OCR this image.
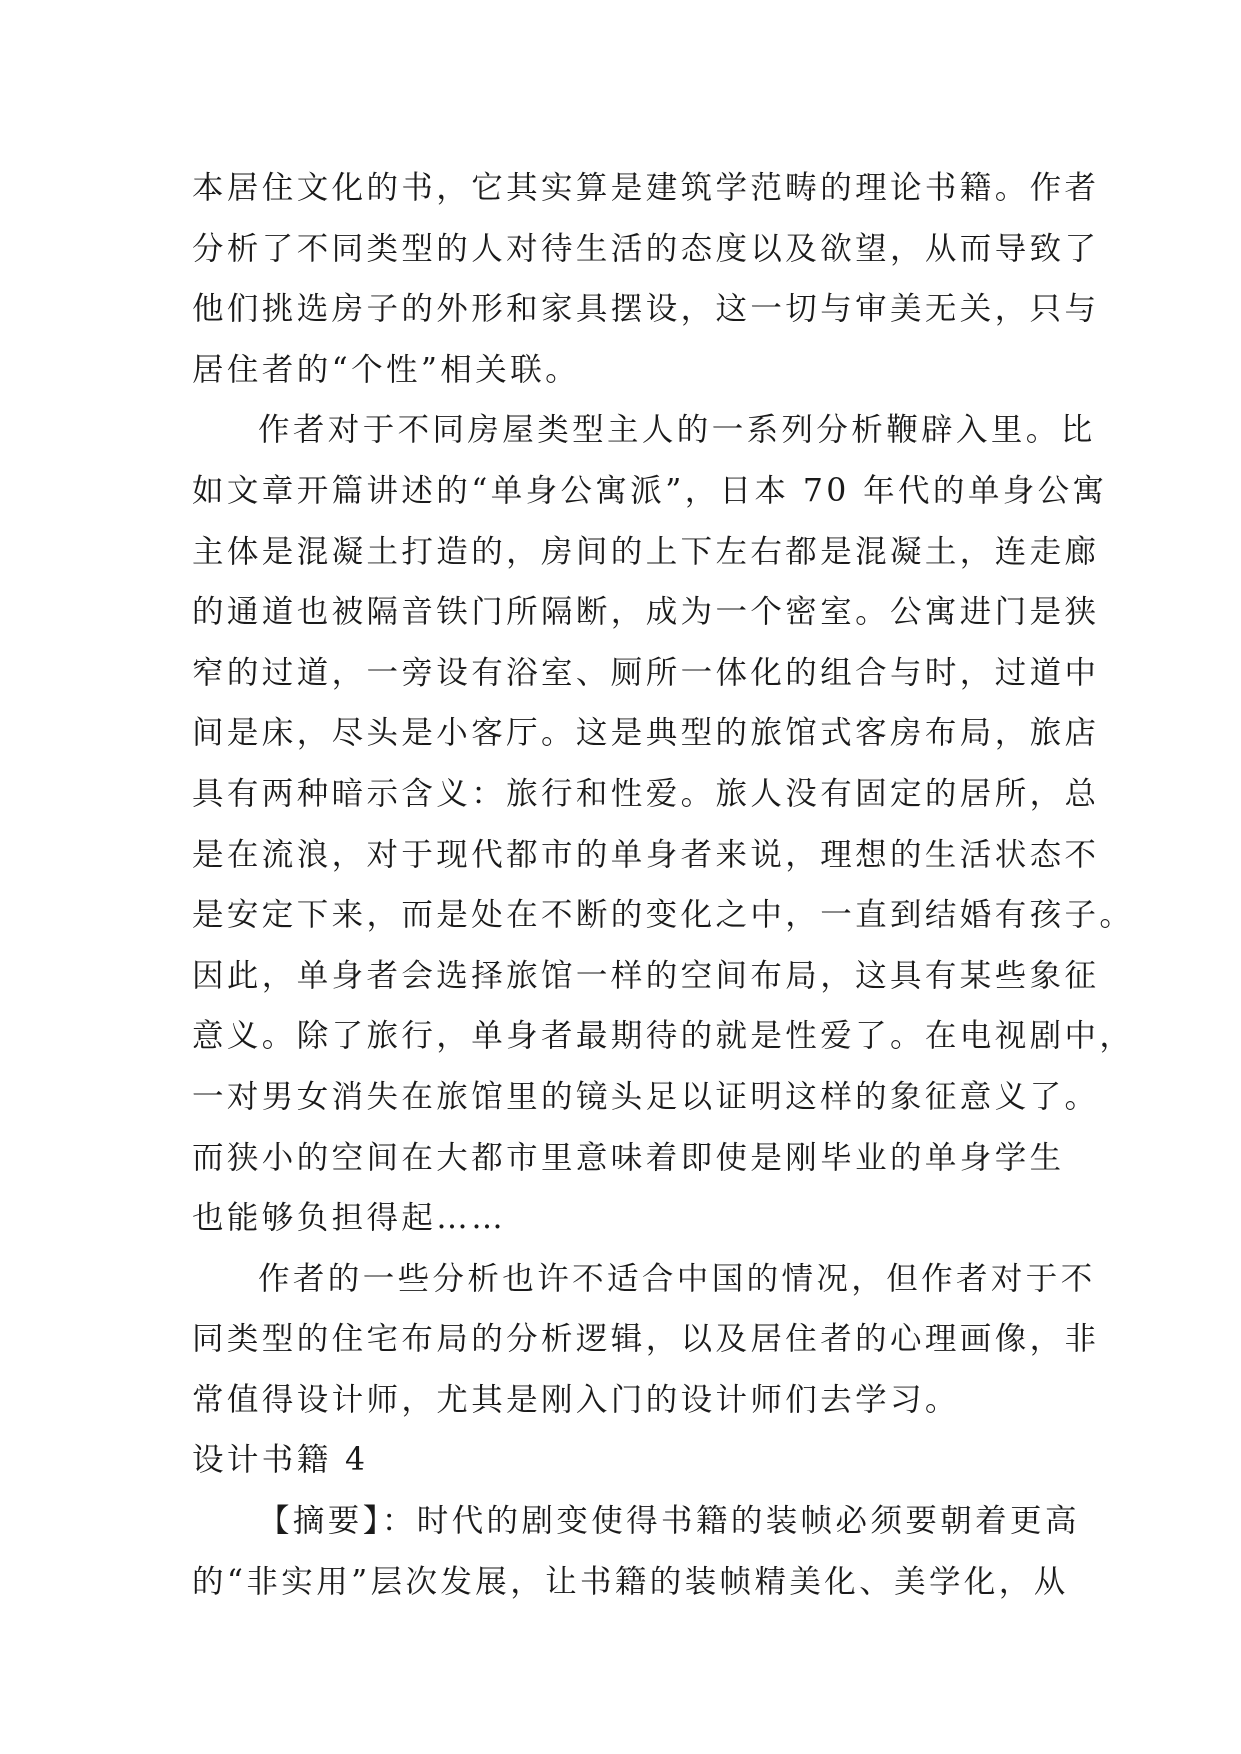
本居住文化的书，它其实算是建筑学范畴的理论书籍。作者
分析了不同类型的人对待生活的态度以及欲望，从而导致了
他们挑选房子的外形和家具摆设，这一切与审美无关，只与
居住者的“个性”相关联。
作者对于不同房屋类型主人的一系列分析鞭辟入里。比
如文章开篇讲述的“单身公寓派”，日本 70 年代的单身公寓
主体是混凝土打造的，房间的上下左右都是混凝土，连走廊
的通道也被隔音铁门所隔断，成为一个密室。公寓进门是狭
窄的过道，一旁设有浴室、厕所一体化的组合与时，过道中
间是床，尽头是小客厅。这是典型的旅馆式客房布局，旅店
具有两种暗示含义：旅行和性爱。旅人没有固定的居所，总
是在流浪，对于现代都市的单身者来说，理想的生活状态不
是安定下来，而是处在不断的变化之中，一直到结婚有孩子。
因此，单身者会选择旅馆一样的空间布局，这具有某些象征
意义。除了旅行，单身者最期待的就是性爱了。在电视剧中，
一对男女消失在旅馆里的镜头足以证明这样的象征意义了。
而狭小的空间在大都市里意味着即使是刚毕业的单身学生
也能够负担得起……
作者的一些分析也许不适合中国的情况，但作者对于不
同类型的住宅布局的分析逻辑，以及居住者的心理画像，非
常值得设计师，尤其是刚入门的设计师们去学习。
设计书籍 4
【摘要】：时代的剧变使得书籍的装帧必须要朝着更高
的“非实用”层次发展，让书籍的装帧精美化、美学化，从
